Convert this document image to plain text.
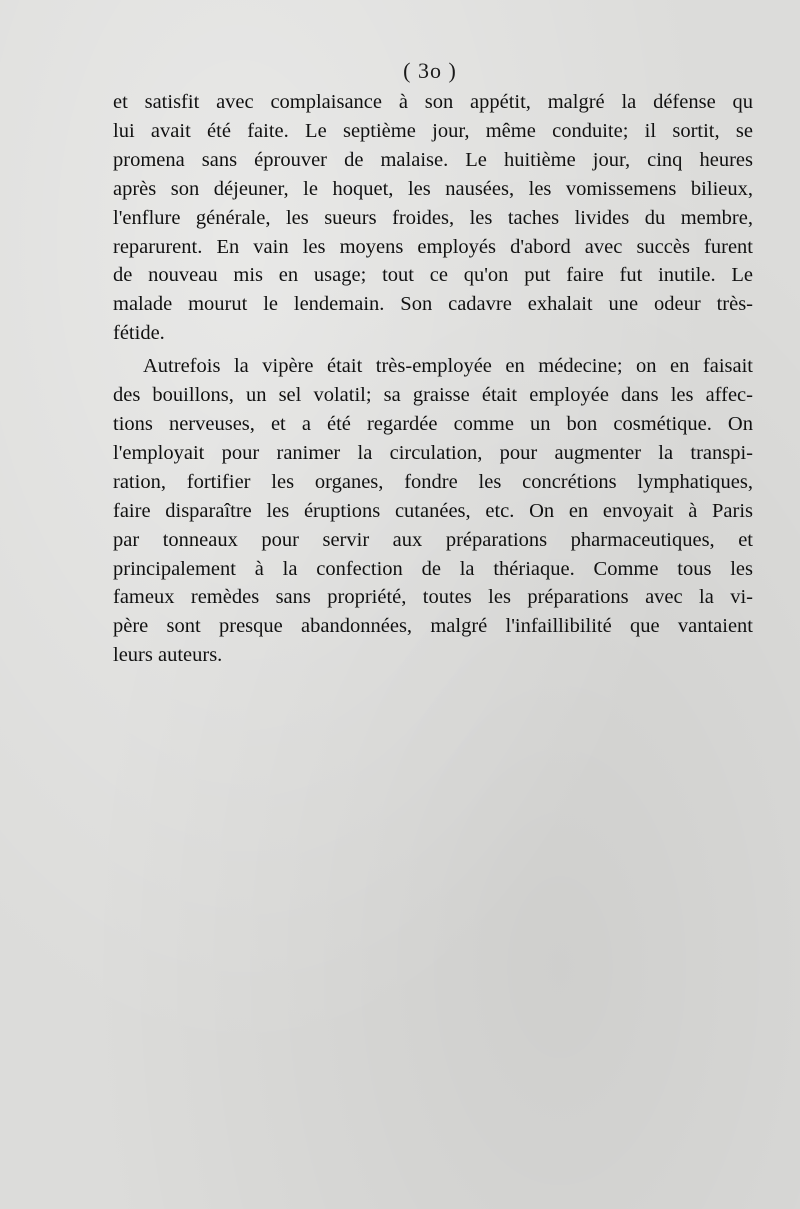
( 3o )
et satisfit avec complaisance à son appétit, malgré la défense qu
lui avait été faite. Le septième jour, même conduite; il sortit, se
promena sans éprouver de malaise. Le huitième jour, cinq heures
après son déjeuner, le hoquet, les nausées, les vomissemens bilieux,
l'enflure générale, les sueurs froides, les taches livides du membre,
reparurent. En vain les moyens employés d'abord avec succès furent
de nouveau mis en usage; tout ce qu'on put faire fut inutile. Le
malade mourut le lendemain. Son cadavre exhalait une odeur très-
fétide.
Autrefois la vipère était très-employée en médecine; on en faisait
des bouillons, un sel volatil; sa graisse était employée dans les affec-
tions nerveuses, et a été regardée comme un bon cosmétique. On
l'employait pour ranimer la circulation, pour augmenter la transpi-
ration, fortifier les organes, fondre les concrétions lymphatiques,
faire disparaître les éruptions cutanées, etc. On en envoyait à Paris
par tonneaux pour servir aux préparations pharmaceutiques, et
principalement à la confection de la thériaque. Comme tous les
fameux remèdes sans propriété, toutes les préparations avec la vi-
père sont presque abandonnées, malgré l'infaillibilité que vantaient
leurs auteurs.
